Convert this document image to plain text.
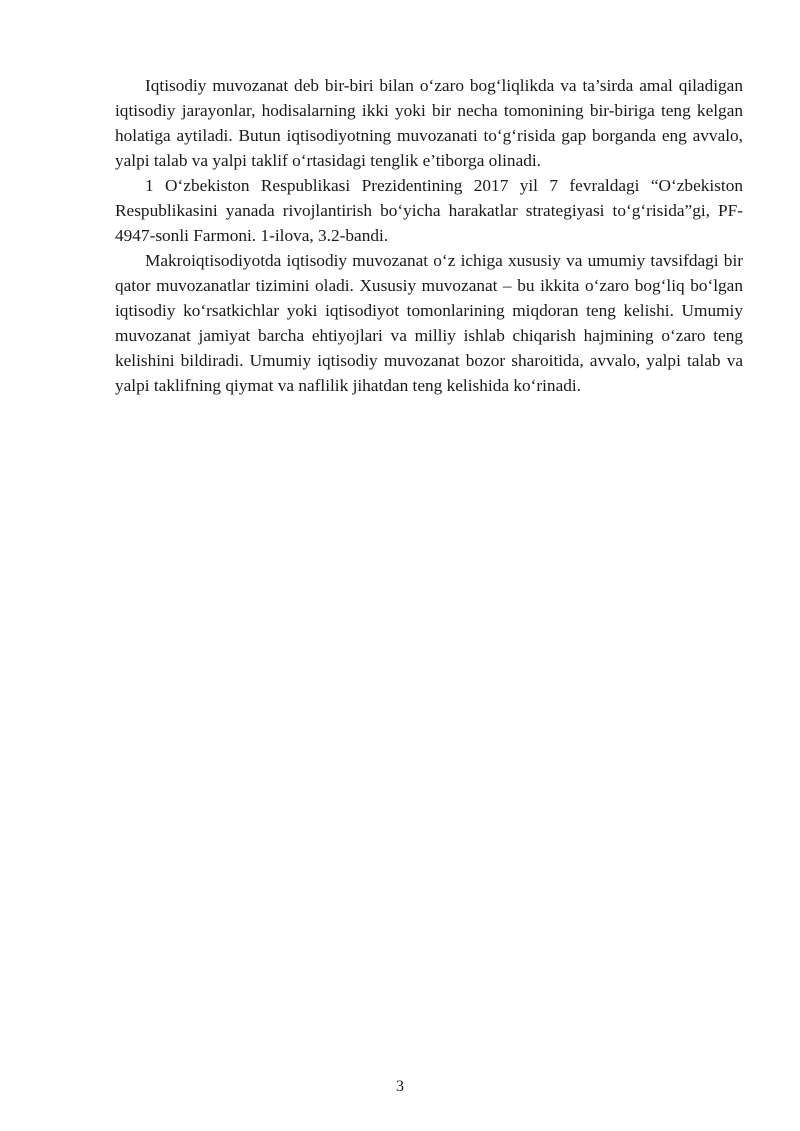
Iqtisodiy muvozanat deb bir-biri bilan o‘zaro bog‘liqlikda va ta’sirda amal qiladigan iqtisodiy jarayonlar, hodisalarning ikki yoki bir necha tomonining bir-biriga teng kelgan holatiga aytiladi. Butun iqtisodiyotning muvozanati to‘g‘risida gap borganda eng avvalo, yalpi talab va yalpi taklif o‘rtasidagi tenglik e’tiborga olinadi.

1 O‘zbekiston Respublikasi Prezidentining 2017 yil 7 fevraldagi “O‘zbekiston Respublikasini yanada rivojlantirish bo‘yicha harakatlar strategiyasi to‘g‘risida”gi, PF-4947-sonli Farmoni. 1-ilova, 3.2-bandi.

Makroiqtisodiyotda iqtisodiy muvozanat o‘z ichiga xususiy va umumiy tavsifdagi bir qator muvozanatlar tizimini oladi. Xususiy muvozanat – bu ikkita o‘zaro bog‘liq bo‘lgan iqtisodiy ko‘rsatkichlar yoki iqtisodiyot tomonlarining miqdoran teng kelishi. Umumiy muvozanat jamiyat barcha ehtiyojlari va milliy ishlab chiqarish hajmining o‘zaro teng kelishini bildiradi. Umumiy iqtisodiy muvozanat bozor sharoitida, avvalo, yalpi talab va yalpi taklifning qiymat va naflilik jihatdan teng kelishida ko‘rinadi.

3
